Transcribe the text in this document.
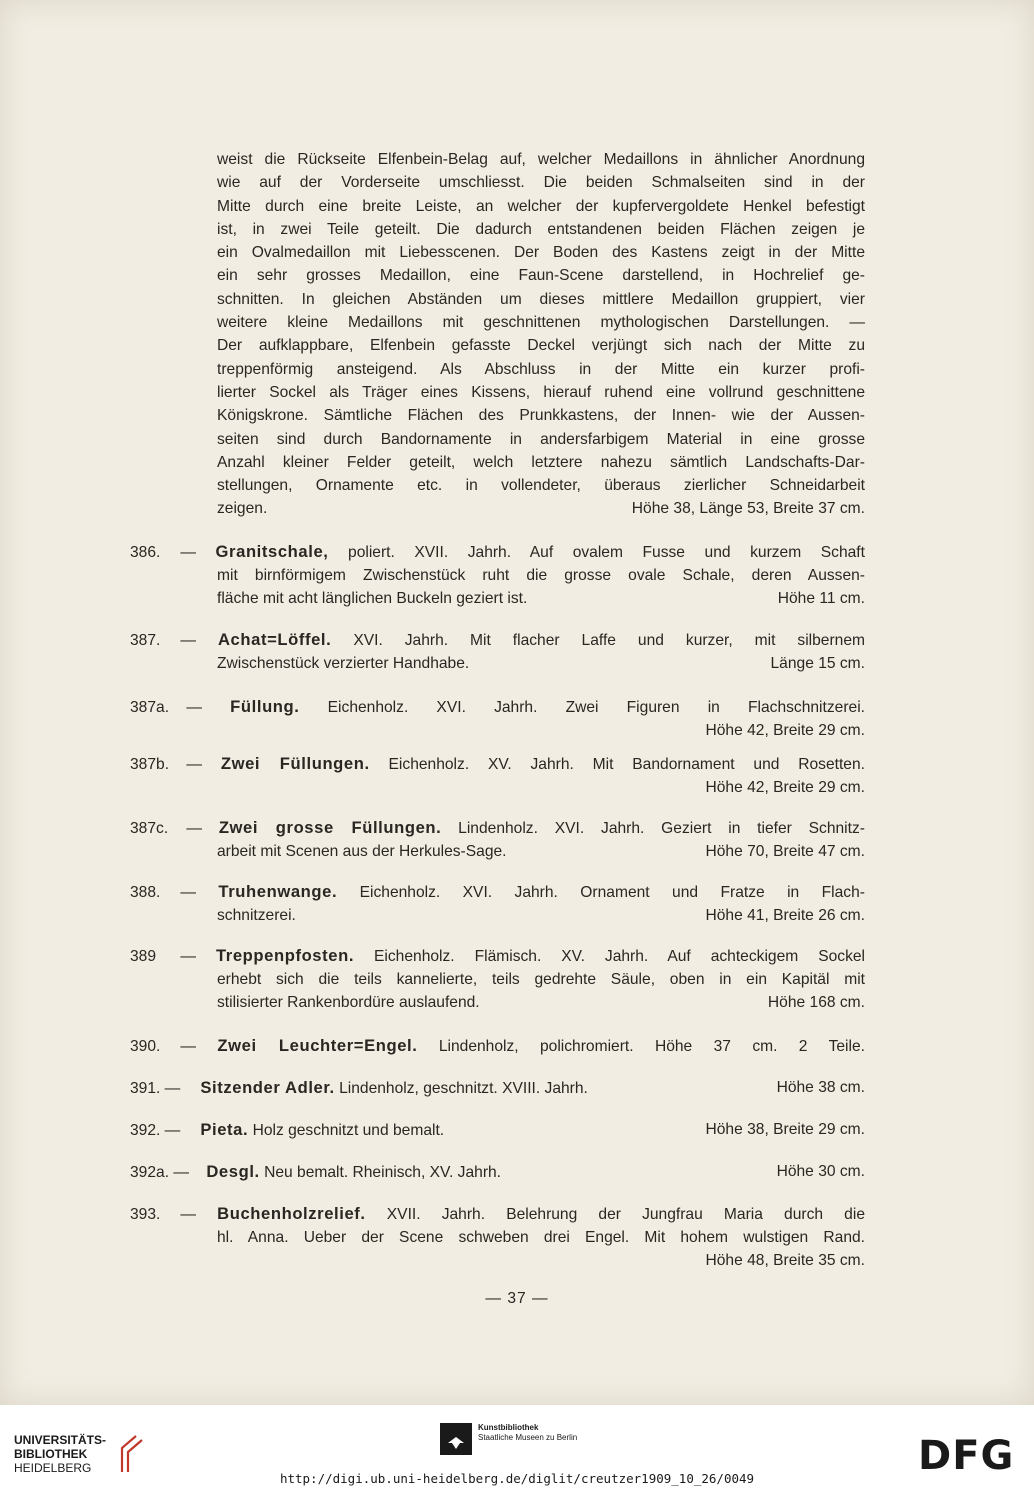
weist die Rückseite Elfenbein-Belag auf, welcher Medaillons in ähnlicher Anordnung
wie auf der Vorderseite umschliesst. Die beiden Schmalseiten sind in der
Mitte durch eine breite Leiste, an welcher der kupfervergoldete Henkel befestigt
ist, in zwei Teile geteilt. Die dadurch entstandenen beiden Flächen zeigen je
ein Ovalmedaillon mit Liebesscenen. Der Boden des Kastens zeigt in der Mitte
ein sehr grosses Medaillon, eine Faun-Scene darstellend, in Hochrelief ge-
schnitten. In gleichen Abständen um dieses mittlere Medaillon gruppiert, vier
weitere kleine Medaillons mit geschnittenen mythologischen Darstellungen. —
Der aufklappbare, Elfenbein gefasste Deckel verjüngt sich nach der Mitte zu
treppenförmig ansteigend. Als Abschluss in der Mitte ein kurzer profi-
lierter Sockel als Träger eines Kissens, hierauf ruhend eine vollrund geschnittene
Königskrone. Sämtliche Flächen des Prunkkastens, der Innen- wie der Aussen-
seiten sind durch Bandornamente in andersfarbigem Material in eine grosse
Anzahl kleiner Felder geteilt, welch letztere nahezu sämtlich Landschafts-Dar-
stellungen, Ornamente etc. in vollendeter, überaus zierlicher Schneidarbeit
zeigen.	Höhe 38, Länge 53, Breite 37 cm.
386. — Granitschale, poliert. XVII. Jahrh. Auf ovalem Fusse und kurzem Schaft
mit birnförmigem Zwischenstück ruht die grosse ovale Schale, deren Aussen-
fläche mit acht länglichen Buckeln geziert ist.	Höhe 11 cm.
387. — Achat=Löffel. XVI. Jahrh. Mit flacher Laffe und kurzer, mit silbernem
Zwischenstück verzierter Handhabe.	Länge 15 cm.
387a. — Füllung. Eichenholz. XVI. Jahrh. Zwei Figuren in Flachschnitzerei.
Höhe 42, Breite 29 cm.
387b. — Zwei Füllungen. Eichenholz. XV. Jahrh. Mit Bandornament und Rosetten.
Höhe 42, Breite 29 cm.
387c. — Zwei grosse Füllungen. Lindenholz. XVI. Jahrh. Geziert in tiefer Schnitz-
arbeit mit Scenen aus der Herkules-Sage.	Höhe 70, Breite 47 cm.
388. — Truhenwange. Eichenholz. XVI. Jahrh. Ornament und Fratze in Flach-
schnitzerei.	Höhe 41, Breite 26 cm.
389 — Treppenpfosten. Eichenholz. Flämisch. XV. Jahrh. Auf achteckigem Sockel
erhebt sich die teils kannelierte, teils gedrehte Säule, oben in ein Kapitäl mit
stilisierter Rankenbordüre auslaufend.	Höhe 168 cm.
390. — Zwei Leuchter=Engel. Lindenholz, polichromiert. Höhe 37 cm. 2 Teile.
391. — Sitzender Adler. Lindenholz, geschnitzt. XVIII. Jahrh.	Höhe 38 cm.
392. — Pieta. Holz geschnitzt und bemalt.	Höhe 38, Breite 29 cm.
392a. — Desgl. Neu bemalt. Rheinisch, XV. Jahrh.	Höhe 30 cm.
393. — Buchenholzrelief. XVII. Jahrh. Belehrung der Jungfrau Maria durch die
hl. Anna. Ueber der Scene schweben drei Engel. Mit hohem wulstigen Rand.
Höhe 48, Breite 35 cm.
— 37 —
UNIVERSITÄTS-
BIBLIOTHEK
HEIDELBERG
Kunstbibliothek
Staatliche Museen zu Berlin	DFG
http://digi.ub.uni-heidelberg.de/diglit/creutzer1909_10_26/0049
